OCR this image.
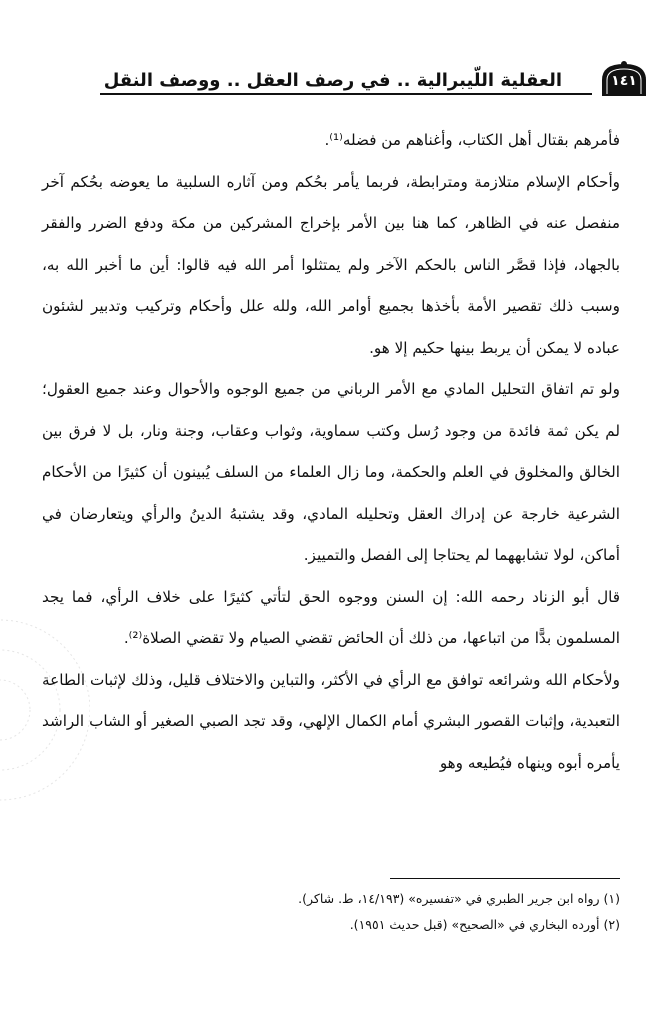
العقلية اللّيبرالية .. في رصف العقل .. ووصف النقل	١٤١

فأمرهم بقتال أهل الكتاب، وأغناهم من فضله⁽¹⁾.

وأحكام الإسلام متلازمة ومترابطة، فربما يأمر بحُكم ومن آثاره السلبية ما يعوضه بحُكم آخر منفصل عنه في الظاهر، كما هنا بين الأمر بإخراج المشركين من مكة ودفع الضرر والفقر بالجهاد، فإذا قصَّر الناس بالحكم الآخر ولم يمتثلوا أمر الله فيه قالوا: أين ما أخبر الله به، وسبب ذلك تقصير الأمة بأخذها بجميع أوامر الله، ولله علل وأحكام وتركيب وتدبير لشئون عباده لا يمكن أن يربط بينها حكيم إلا هو.

ولو تم اتفاق التحليل المادي مع الأمر الرباني من جميع الوجوه والأحوال وعند جميع العقول؛ لم يكن ثمة فائدة من وجود رُسل وكتب سماوية، وثواب وعقاب، وجنة ونار، بل لا فرق بين الخالق والمخلوق في العلم والحكمة، وما زال العلماء من السلف يُبينون أن كثيرًا من الأحكام الشرعية خارجة عن إدراك العقل وتحليله المادي، وقد يشتبهُ الدينُ والرأي ويتعارضان في أماكن، لولا تشابههما لم يحتاجا إلى الفصل والتمييز.

قال أبو الزناد رحمه الله: إن السنن ووجوه الحق لتأتي كثيرًا على خلاف الرأي، فما يجد المسلمون بدًّا من اتباعها، من ذلك أن الحائض تقضي الصيام ولا تقضي الصلاة⁽²⁾.

ولأحكام الله وشرائعه توافق مع الرأي في الأكثر، والتباين والاختلاف قليل، وذلك لإثبات الطاعة التعبدية، وإثبات القصور البشري أمام الكمال الإلهي، وقد تجد الصبي الصغير أو الشاب الراشد يأمره أبوه وينهاه فيُطيعه وهو

(١) رواه ابن جرير الطبري في «تفسيره» (١٤/١٩٣، ط. شاكر).
(٢) أورده البخاري في «الصحيح» (قبل حديث ١٩٥١).
